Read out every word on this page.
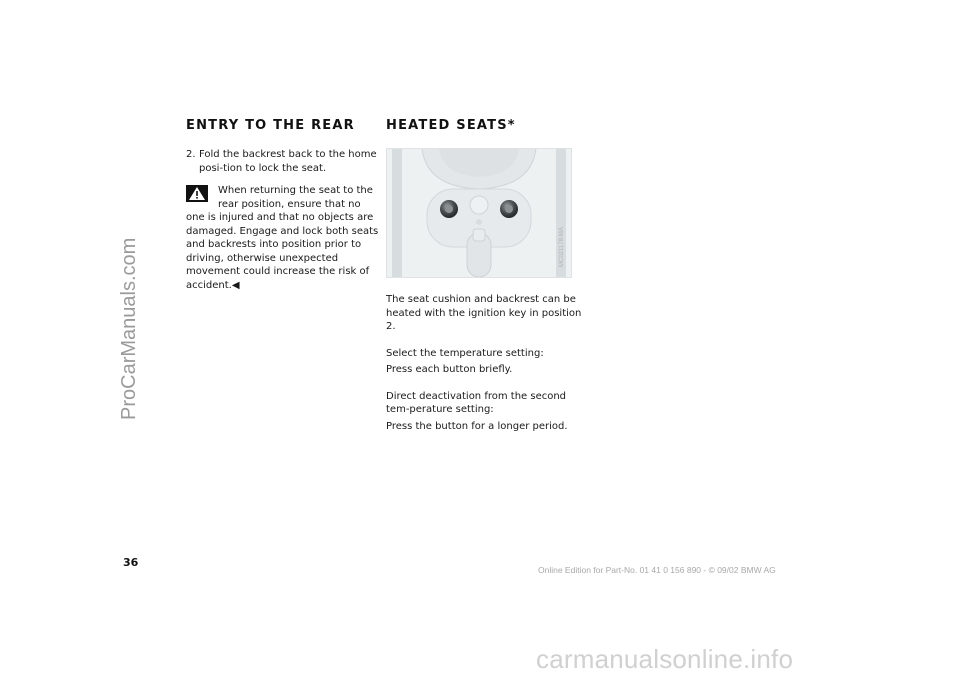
ProCarManuals.com
ENTRY TO THE REAR
2. Fold the backrest back to the home posi-tion to lock the seat.

When returning the seat to the rear position, ensure that no one is injured and that no objects are damaged. Engage and lock both seats and backrests into position prior to driving, otherwise unexpected movement could increase the risk of accident.◀

HEATED SEATS*
MC021178-MA

The seat cushion and backrest can be heated with the ignition key in position 2.

Select the temperature setting:

Press each button briefly.

Direct deactivation from the second tem-perature setting:

Press the button for a longer period.

36
Online Edition for Part-No. 01 41 0 156 890 - © 09/02 BMW AG
carmanualsonline.info
